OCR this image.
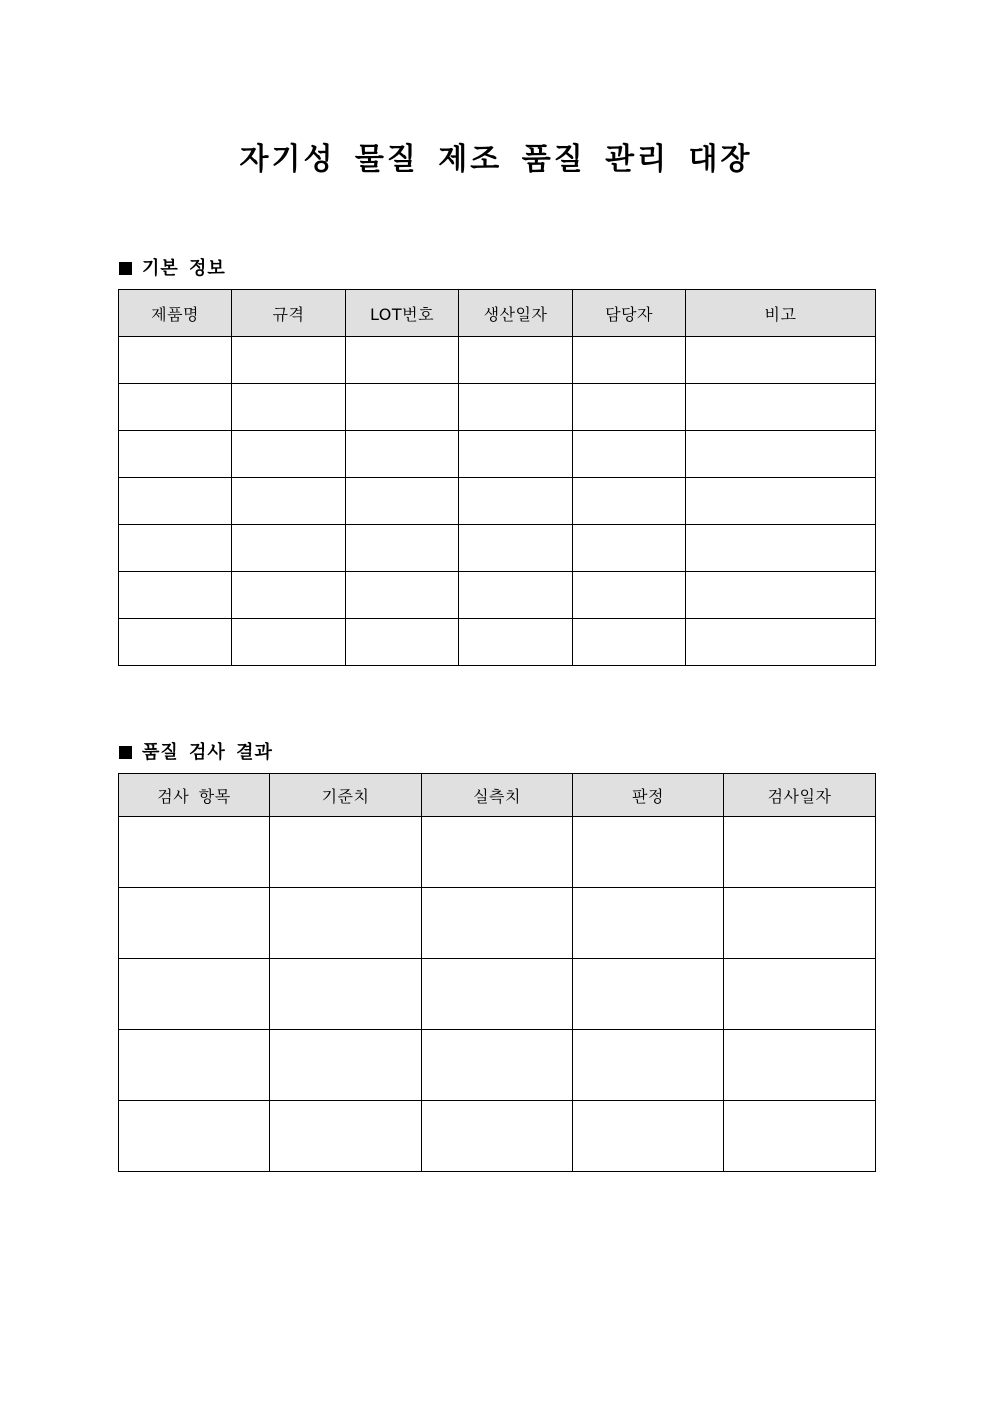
자기성 물질 제조 품질 관리 대장
기본 정보
제품명	규격	LOT번호	생산일자	담당자	비고

품질 검사 결과
검사 항목	기준치	실측치	판정	검사일자
